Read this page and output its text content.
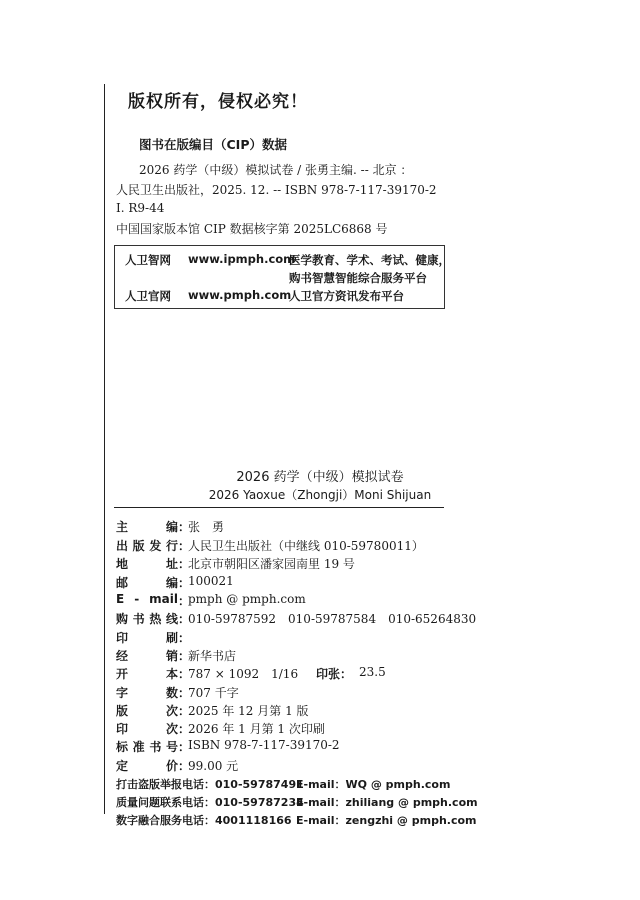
版权所有，侵权必究！
图书在版编目（CIP）数据
2026 药学（中级）模拟试卷 / 张勇主编. -- 北京 ：
人民卫生出版社，2025. 12. -- ISBN 978-7-117-39170-2
Ⅰ. R9-44
中国国家版本馆 CIP 数据核字第 2025LC6868 号
人卫智网 www.ipmph.com
医学教育、学术、考试、健康，
购书智慧智能综合服务平台
人卫官网 www.pmph.com
人卫官方资讯发布平台
2026 药学（中级）模拟试卷
2026 Yaoxue（Zhongji）Moni Shijuan
主编 ：
张　勇
出版发行 ：
人民卫生出版社（中继线 010-59780011）
地址 ：
北京市朝阳区潘家园南里 19 号
邮编 ：
100021
E - mail ：
pmph @ pmph.com
购书热线 ：
010-59787592　010-59787584　010-65264830
印刷 ：
经销 ：
新华书店
开本 ：
787 × 1092　1/16 印张： 23.5
字数 ：
707 千字
版次 ：
2025 年 12 月第 1 版
印次 ：
2026 年 1 月第 1 次印刷
标准书号 ：
ISBN 978-7-117-39170-2
定价 ：
99.00 元
打击盗版举报电话：010-59787491
E-mail：WQ @ pmph.com
质量问题联系电话：010-59787234
E-mail：zhiliang @ pmph.com
数字融合服务电话：4001118166 E-mail：zengzhi @ pmph.com
